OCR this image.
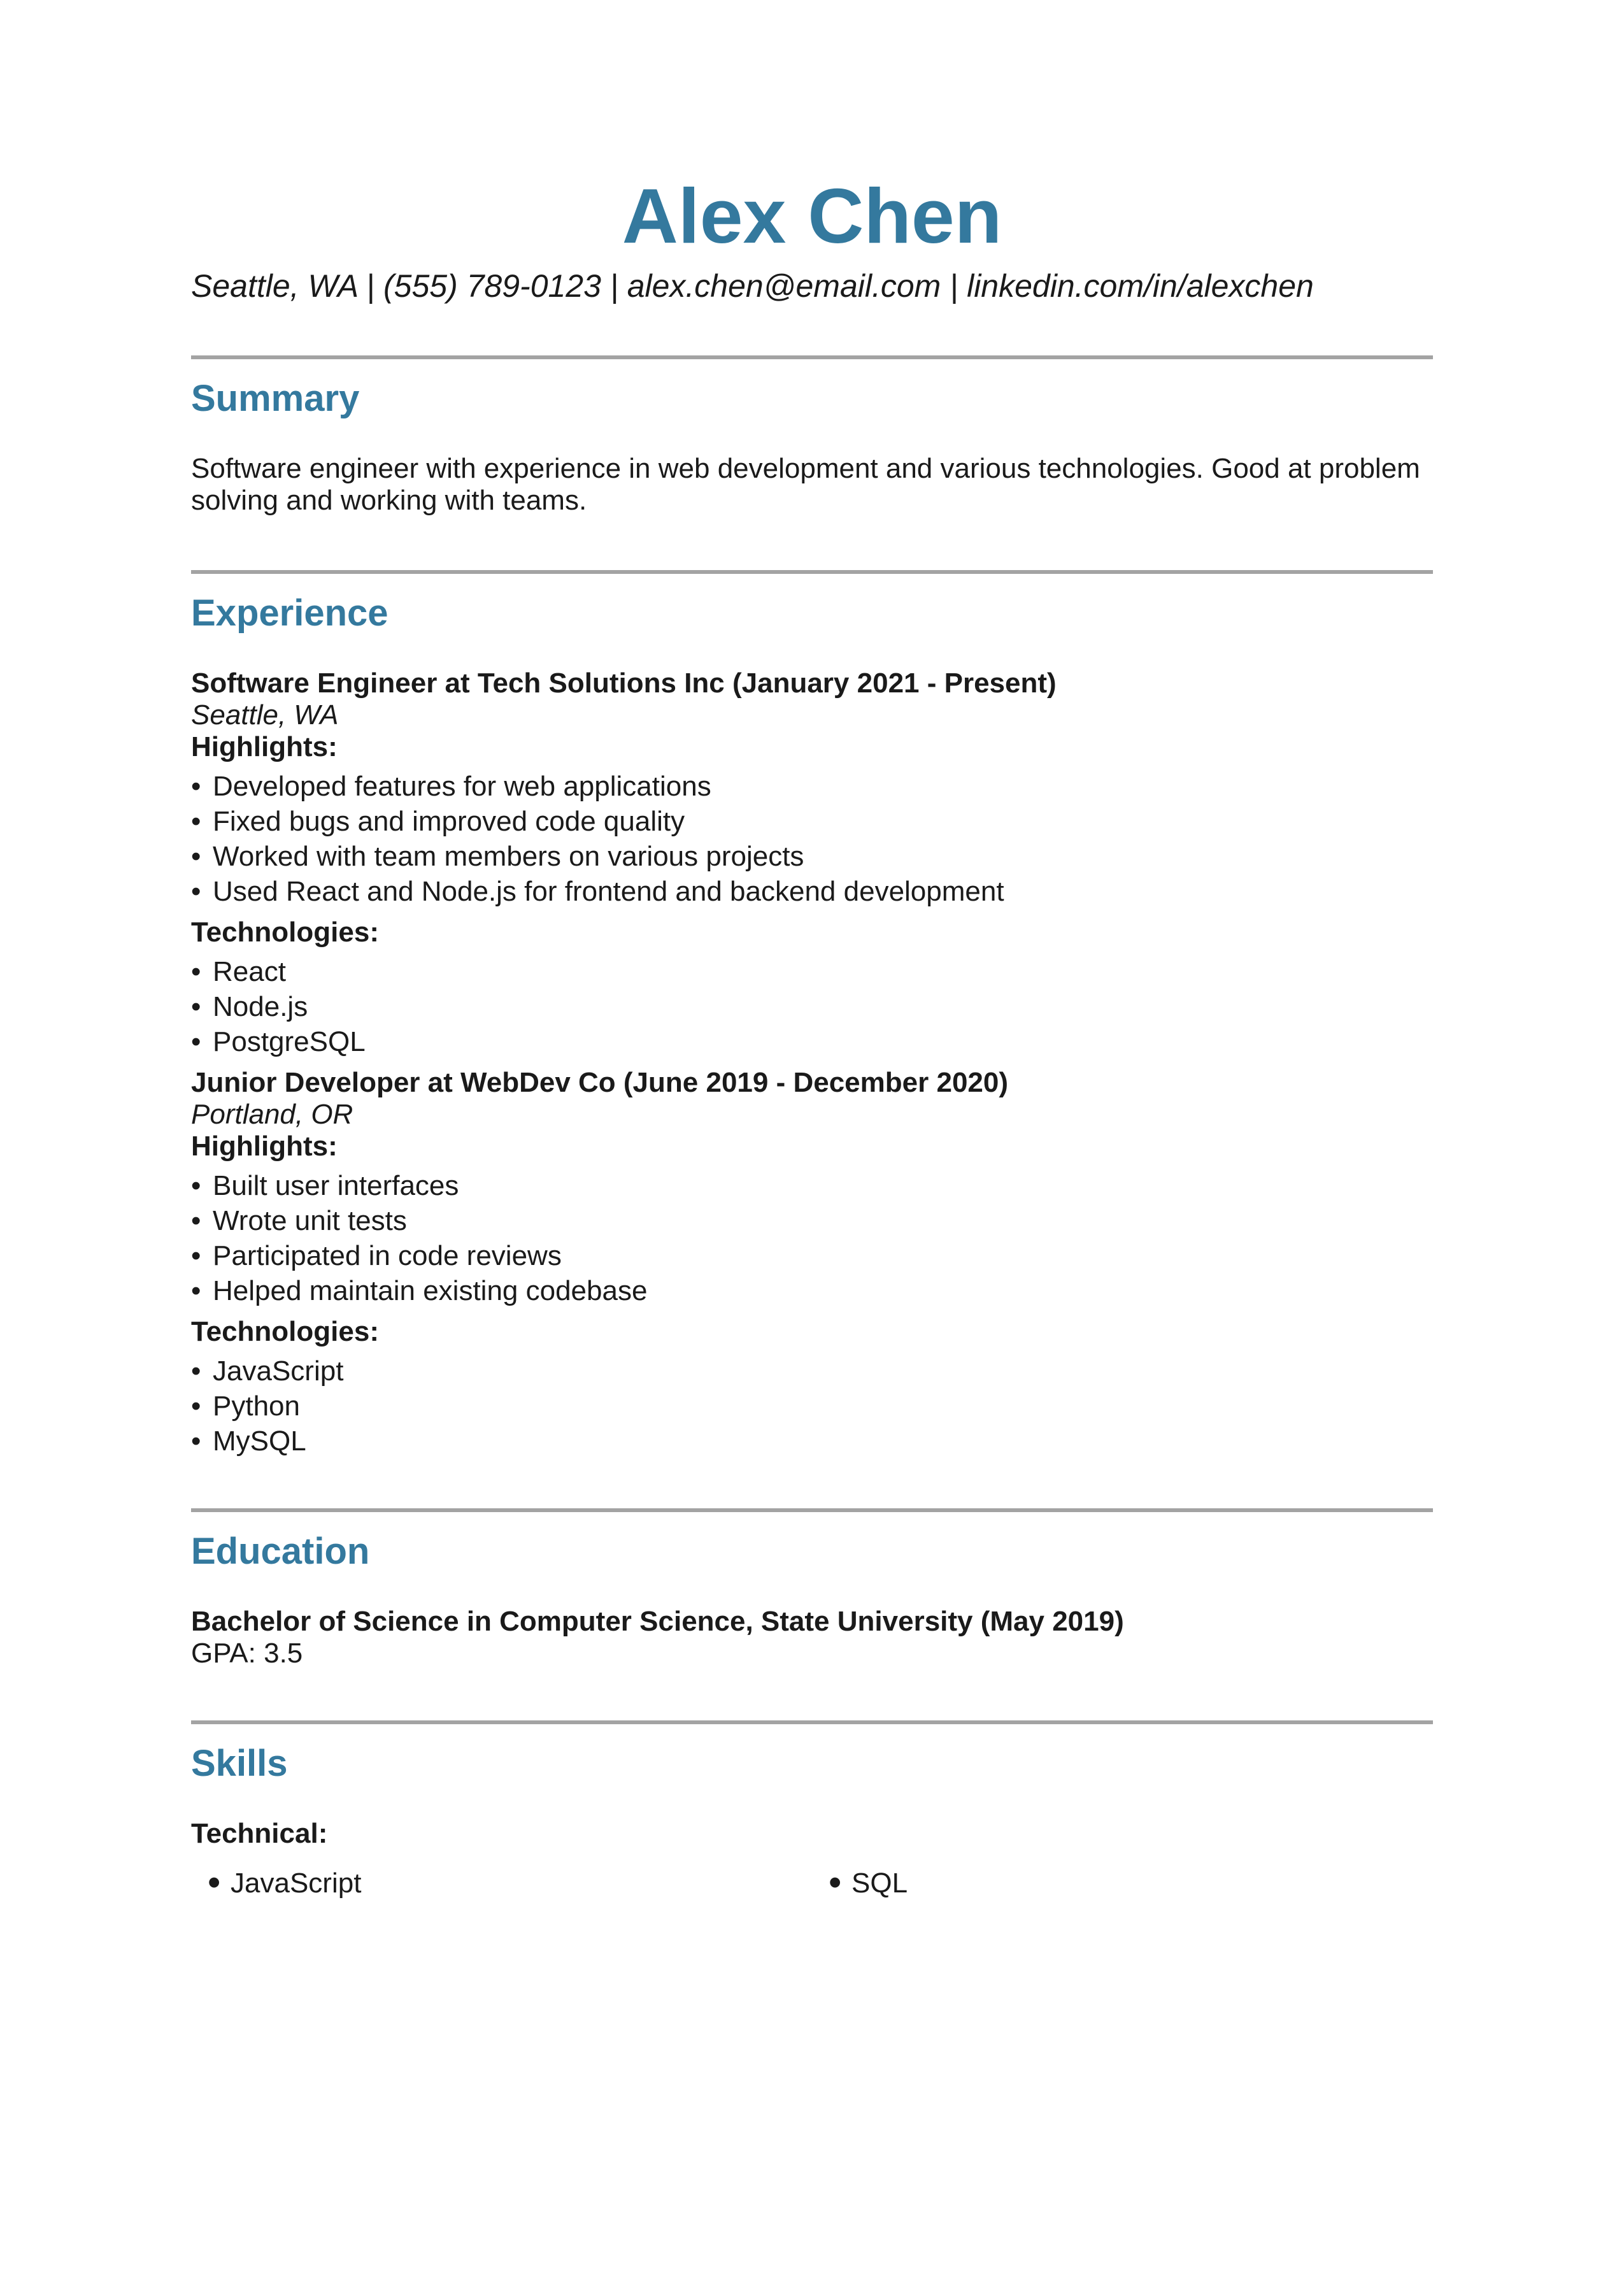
Alex Chen

Seattle, WA | (555) 789-0123 | alex.chen@email.com | linkedin.com/in/alexchen

Summary

Software engineer with experience in web development and various technologies. Good at problem solving and working with teams.

Experience

Software Engineer at Tech Solutions Inc (January 2021 - Present)

Seattle, WA

Highlights:

• Developed features for web applications
• Fixed bugs and improved code quality
• Worked with team members on various projects
• Used React and Node.js for frontend and backend development

Technologies:

• React
• Node.js
• PostgreSQL

Junior Developer at WebDev Co (June 2019 - December 2020)

Portland, OR

Highlights:

• Built user interfaces
• Wrote unit tests
• Participated in code reviews
• Helped maintain existing codebase

Technologies:

• JavaScript
• Python
• MySQL
Education

Bachelor of Science in Computer Science, State University (May 2019)

GPA: 3.5

Skills

Technical:

• JavaScript	• SQL
